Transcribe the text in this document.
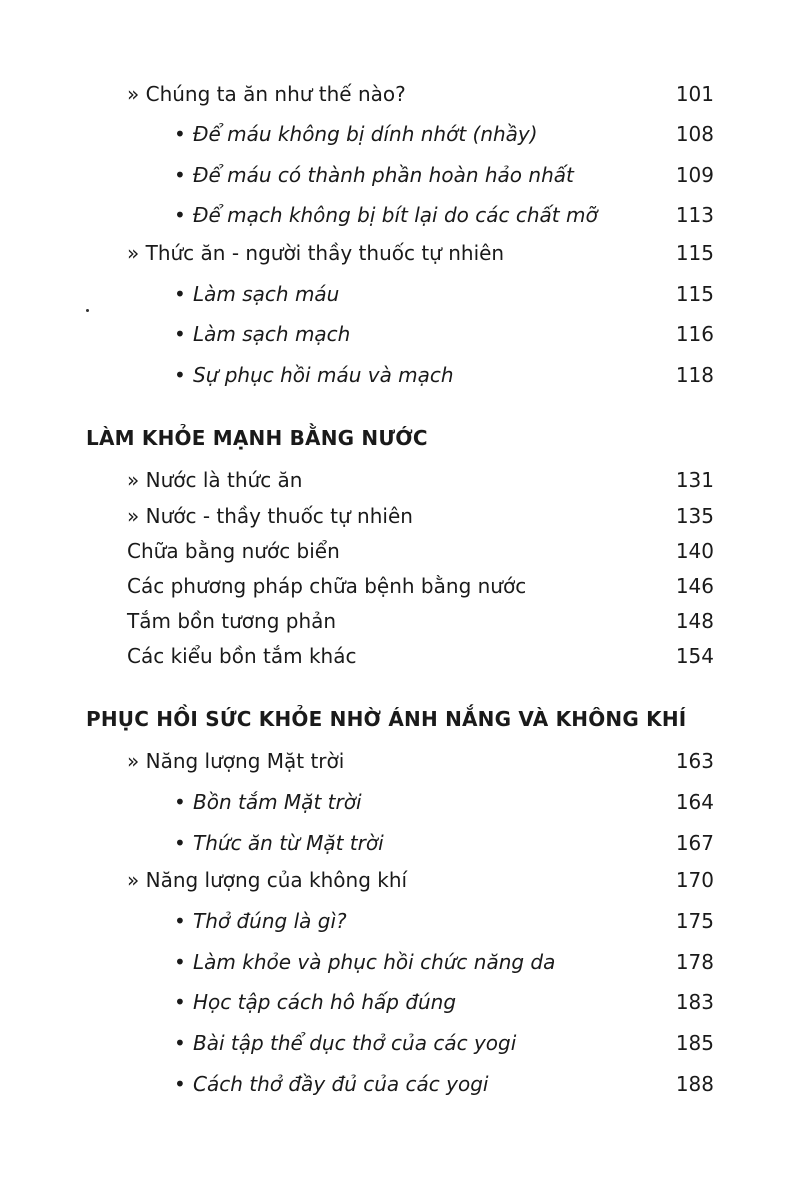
» Chúng ta ăn như thế nào?	101
• Để máu không bị dính nhớt (nhầy)	108
• Để máu có thành phần hoàn hảo nhất	109
• Để mạch không bị bít lại do các chất mỡ	113
» Thức ăn - người thầy thuốc tự nhiên	115
• Làm sạch máu	115
• Làm sạch mạch	116
• Sự phục hồi máu và mạch	118
LÀM KHỎE MẠNH BẰNG NƯỚC
» Nước là thức ăn	131
» Nước - thầy thuốc tự nhiên	135
Chữa bằng nước biển	140
Các phương pháp chữa bệnh bằng nước	146
Tắm bồn tương phản	148
Các kiểu bồn tắm khác	154
PHỤC HỒI SỨC KHỎE NHỜ ÁNH NẮNG VÀ KHÔNG KHÍ
» Năng lượng Mặt trời	163
• Bồn tắm Mặt trời	164
• Thức ăn từ Mặt trời	167
» Năng lượng của không khí	170
• Thở đúng là gì?	175
• Làm khỏe và phục hồi chức năng da	178
• Học tập cách hô hấp đúng	183
• Bài tập thể dục thở của các yogi	185
• Cách thở đầy đủ của các yogi	188
